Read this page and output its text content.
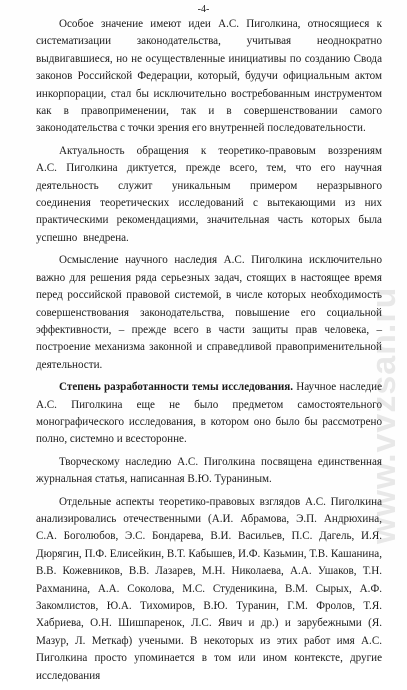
-4-

Особое значение имеют идеи А.С. Пиголкина, относящиеся к систематизации законодательства, учитывая неоднократно выдвигавшиеся, но не осуществленные инициативы по созданию Свода законов Российской Федерации, который, будучи официальным актом инкорпорации, стал бы исключительно востребованным инструментом как в правоприменении, так и в совершенствовании самого законодательства с точки зрения его внутренней последовательности.

Актуальность обращения к теоретико-правовым воззрениям А.С. Пиголкина диктуется, прежде всего, тем, что его научная деятельность служит уникальным примером неразрывного соединения теоретических исследований с вытекающими из них практическими рекомендациями, значительная часть которых была успешно внедрена.

Осмысление научного наследия А.С. Пиголкина исключительно важно для решения ряда серьезных задач, стоящих в настоящее время перед российской правовой системой, в числе которых необходимость совершенствования законодательства, повышение его социальной эффективности, – прежде всего в части защиты прав человека, – построение механизма законной и справедливой правоприменительной деятельности.

Степень разработанности темы исследования. Научное наследие А.С. Пиголкина еще не было предметом самостоятельного монографического исследования, в котором оно было бы рассмотрено полно, системно и всесторонне.

Творческому наследию А.С. Пиголкина посвящена единственная журнальная статья, написанная В.Ю. Тураниным.

Отдельные аспекты теоретико-правовых взглядов А.С. Пиголкина анализировались отечественными (А.И. Абрамова, Э.П. Андрюхина, С.А. Боголюбов, Э.С. Бондарева, В.И. Васильев, П.С. Дагель, И.Я. Дюрягин, П.Ф. Елисейкин, В.Т. Кабышев, И.Ф. Казьмин, Т.В. Кашанина, В.В. Кожевников, В.В. Лазарев, М.Н. Николаева, А.А. Ушаков, Т.Н. Рахманина, А.А. Соколова, М.С. Студеникина, В.М. Сырых, А.Ф. Закомлистов, Ю.А. Тихомиров, В.Ю. Туранин, Г.М. Фролов, Т.Я. Хабриева, О.Н. Шишпаренок, Л.С. Явич и др.) и зарубежными (Я. Мазур, Л. Меткаф) учеными. В некоторых из этих работ имя А.С. Пиголкина просто упоминается в том или ином контексте, другие исследования

www.vvzsan.ru
